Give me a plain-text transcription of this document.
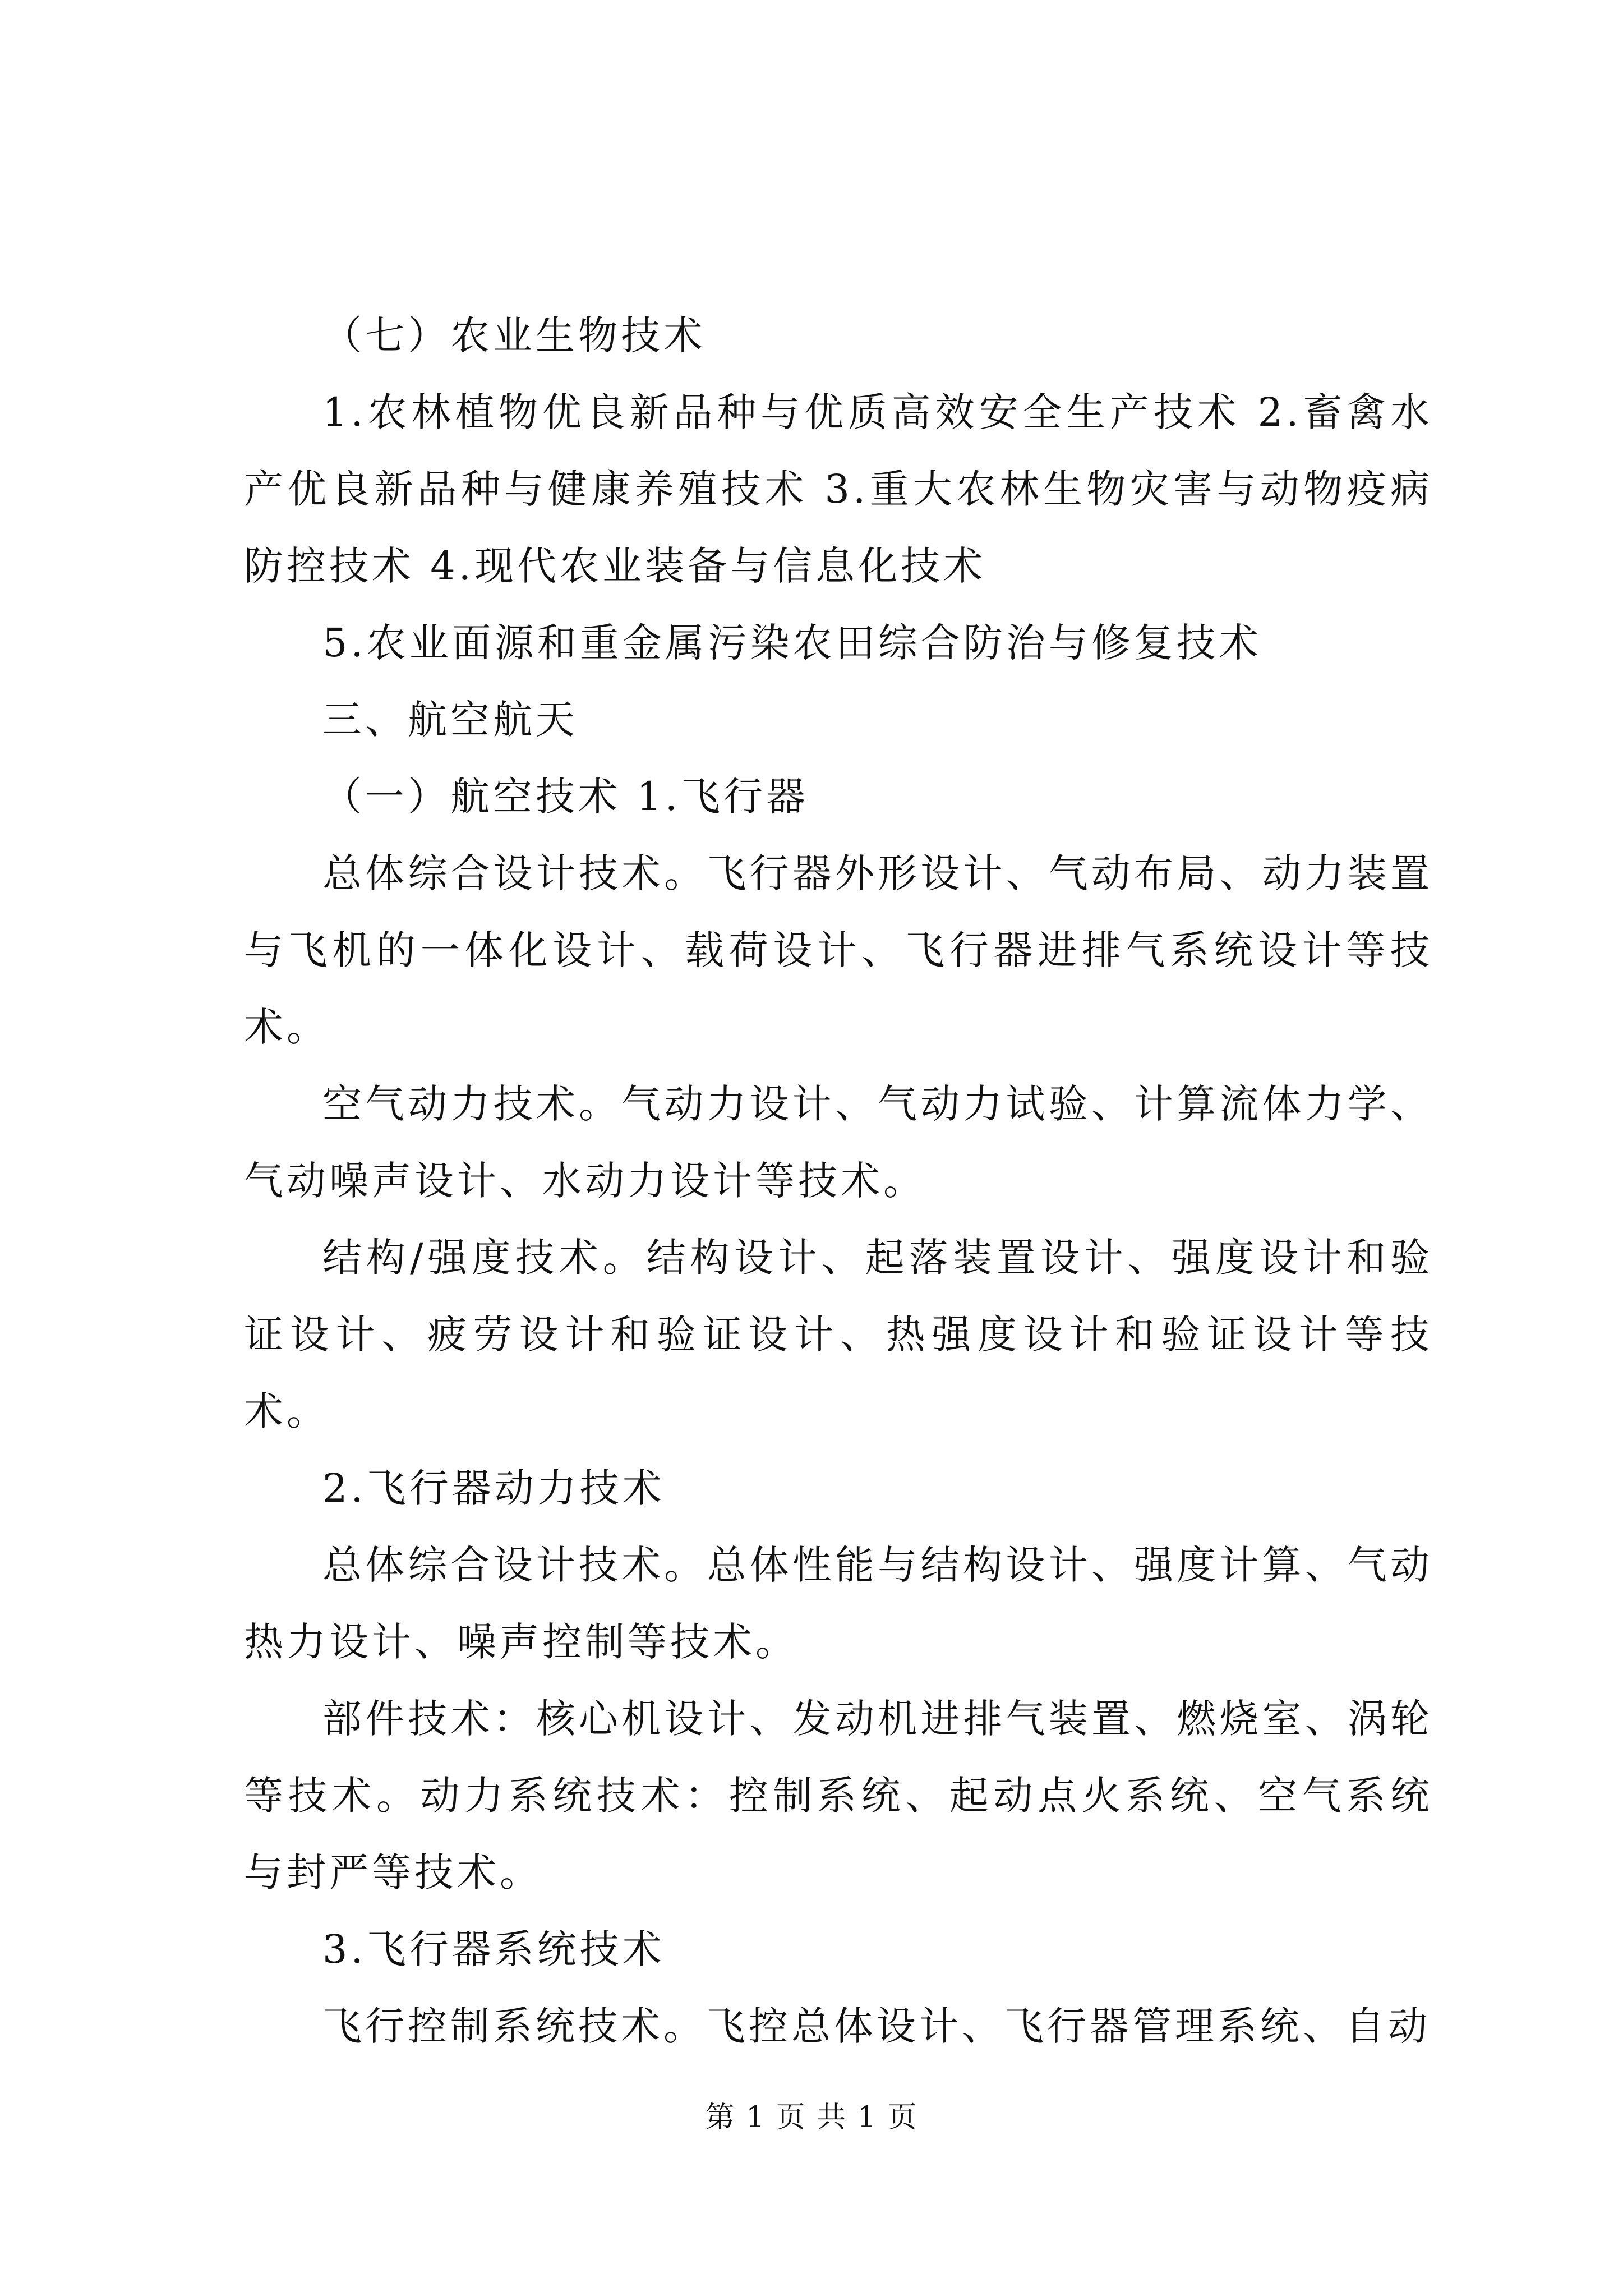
（七）农业生物技术

1.农林植物优良新品种与优质高效安全生产技术 2.畜禽水产优良新品种与健康养殖技术 3.重大农林生物灾害与动物疫病防控技术 4.现代农业装备与信息化技术

5.农业面源和重金属污染农田综合防治与修复技术

三、航空航天

（一）航空技术 1.飞行器

总体综合设计技术。飞行器外形设计、气动布局、动力装置与飞机的一体化设计、载荷设计、飞行器进排气系统设计等技术。

空气动力技术。气动力设计、气动力试验、计算流体力学、气动噪声设计、水动力设计等技术。

结构/强度技术。结构设计、起落装置设计、强度设计和验证设计、疲劳设计和验证设计、热强度设计和验证设计等技术。

2.飞行器动力技术

总体综合设计技术。总体性能与结构设计、强度计算、气动热力设计、噪声控制等技术。

部件技术：核心机设计、发动机进排气装置、燃烧室、涡轮等技术。动力系统技术：控制系统、起动点火系统、空气系统与封严等技术。

3.飞行器系统技术

飞行控制系统技术。飞控总体设计、飞行器管理系统、自动

第 1 页 共 1 页
